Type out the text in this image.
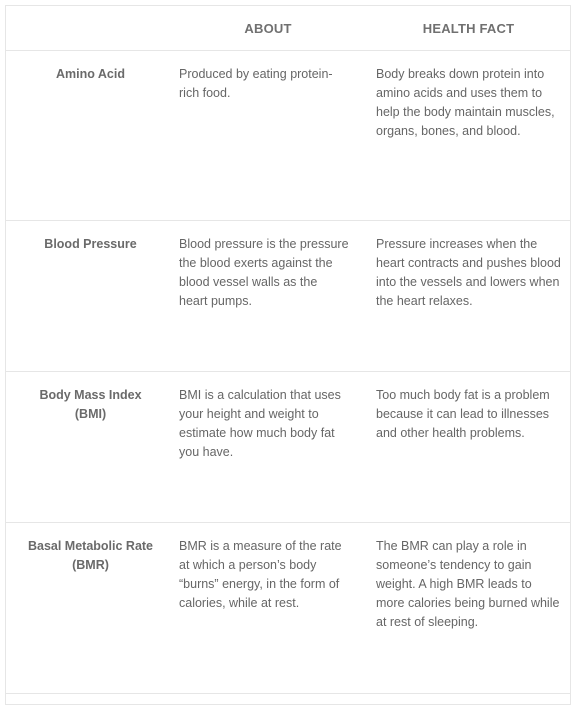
	ABOUT	HEALTH FACT

Amino Acid	Produced by eating protein-rich food.	Body breaks down protein into amino acids and uses them to help the body maintain muscles, organs, bones, and blood.

Blood Pressure	Blood pressure is the pressure the blood exerts against the blood vessel walls as the heart pumps.	Pressure increases when the heart contracts and pushes blood into the vessels and lowers when the heart relaxes.

Body Mass Index (BMI)	BMI is a calculation that uses your height and weight to estimate how much body fat you have.	Too much body fat is a problem because it can lead to illnesses and other health problems.

Basal Metabolic Rate (BMR)	BMR is a measure of the rate at which a person’s body “burns” energy, in the form of calories, while at rest.	The BMR can play a role in someone’s tendency to gain weight. A high BMR leads to more calories being burned while at rest of sleeping.
